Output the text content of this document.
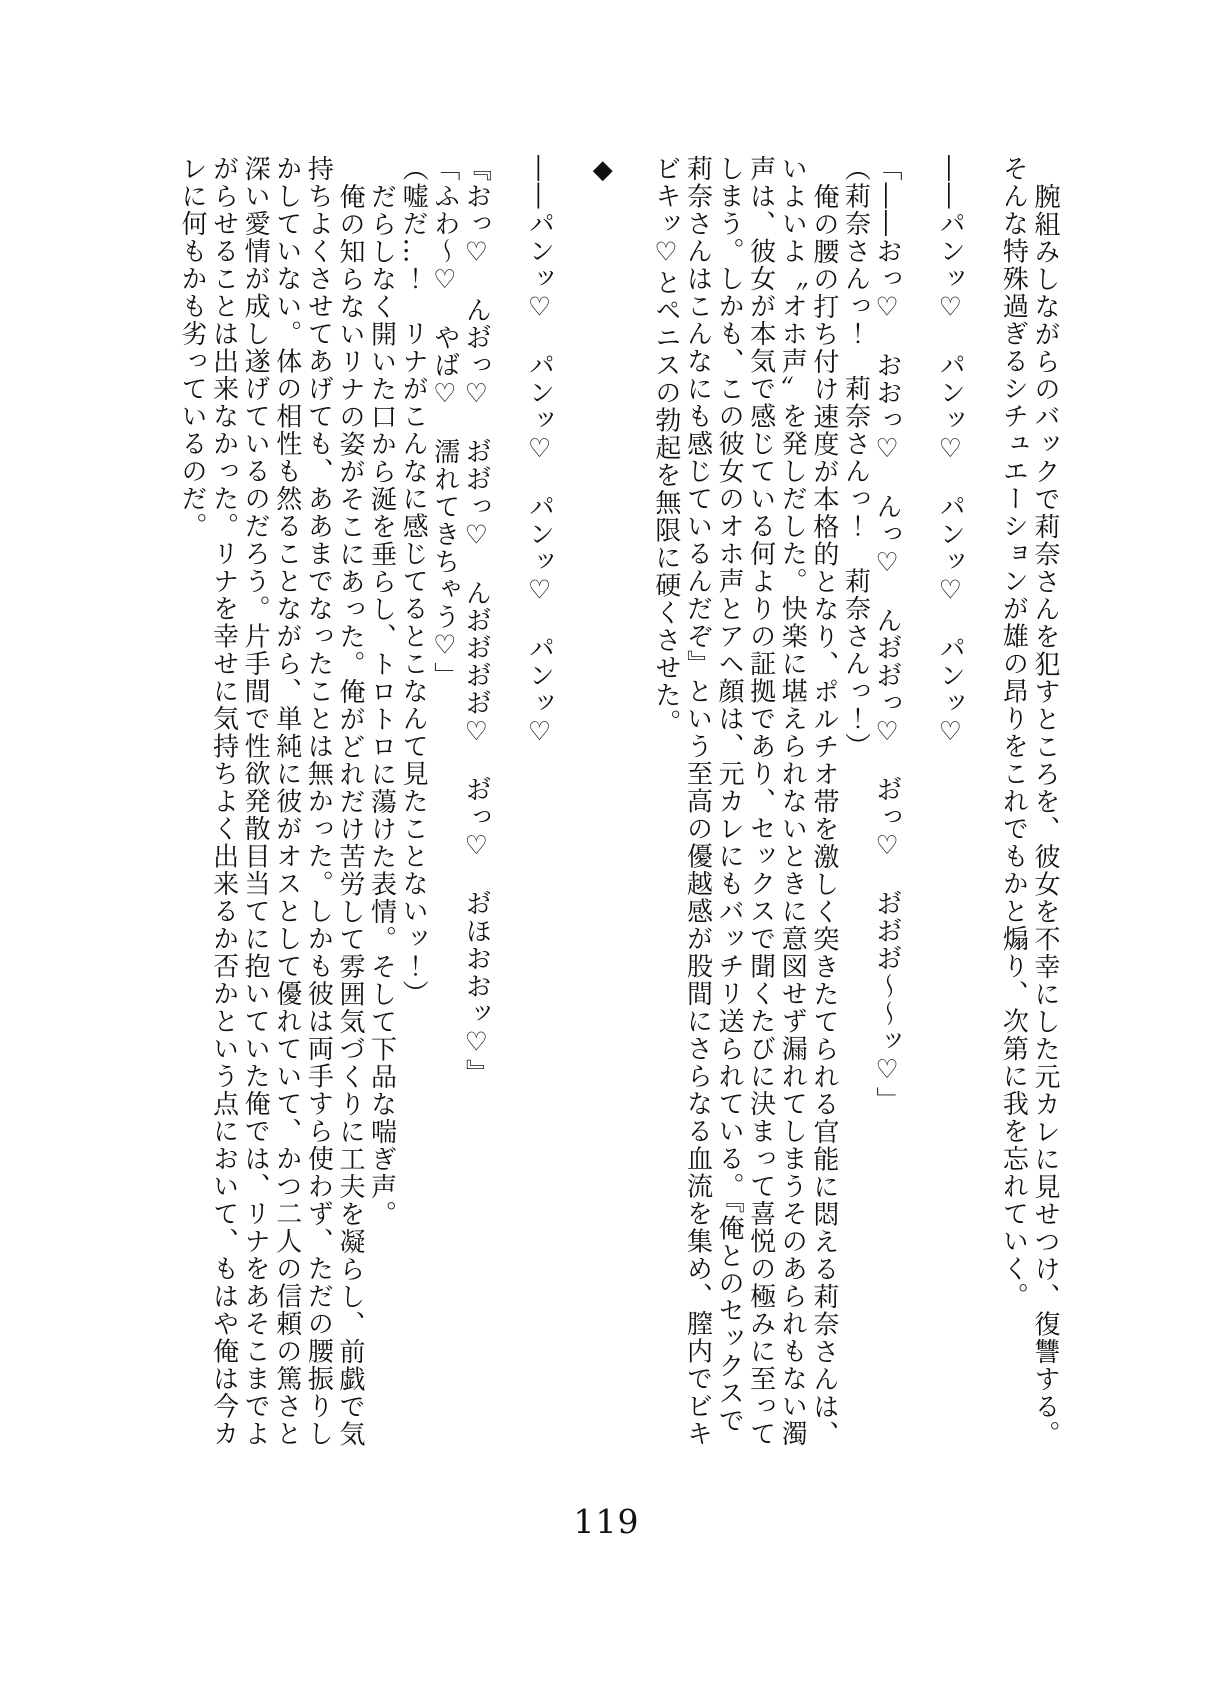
腕組みしながらのバックで莉奈さんを犯すところを、彼女を不幸にした元カレに見せつけ、復讐する。そんな特殊過ぎるシチュエーションが雄の昂りをこれでもかと煽り、次第に我を忘れていく。

――パンッ♡　パンッ♡　パンッ♡　パンッ♡

「――おっ♡　おおっ♡　んっ♡　んお゙お゙っ♡　お゙っ♡　お゙お゙お゙〜〜ッ♡」

（莉奈さんっ！　莉奈さんっ！　莉奈さんっ！）

俺の腰の打ち付け速度が本格的となり、ポルチオ帯を激しく突きたてられる官能に悶える莉奈さんは、いよいよ〝オホ声〟を発しだした。快楽に堪えられないときに意図せず漏れてしまうそのあられもない濁声は、彼女が本気で感じている何よりの証拠であり、セックスで聞くたびに決まって喜悦の極みに至ってしまう。しかも、この彼女のオホ声とアヘ顔は、元カレにもバッチリ送られている。『俺とのセックスで莉奈さんはこんなにも感じているんだぞ』という至高の優越感が股間にさらなる血流を集め、膣内でビキビキッ♡とペニスの勃起を無限に硬くさせた。

◆

――パンッ♡　パンッ♡　パンッ♡　パンッ♡

『おっ♡　んお゙っ♡　お゙お゙っ♡　んお゙お゙お゙お゙♡　お゙っ♡　お゙ほおおッ♡』

「ふわ〜♡　やば♡　濡れてきちゃう♡」

（嘘だ…！　リナがこんなに感じてるとこなんて見たことないッ！）

だらしなく開いた口から涎を垂らし、トロトロに蕩けた表情。そして下品な喘ぎ声。

俺の知らないリナの姿がそこにあった。俺がどれだけ苦労して雰囲気づくりに工夫を凝らし、前戯で気持ちよくさせてあげても、ああまでなったことは無かった。しかも彼は両手すら使わず、ただの腰振りしかしていない。体の相性も然ることながら、単純に彼がオスとして優れていて、かつ二人の信頼の篤さと深い愛情が成し遂げているのだろう。片手間で性欲発散目当てに抱いていた俺では、リナをあそこまでよがらせることは出来なかった。リナを幸せに気持ちよく出来るか否かという点において、もはや俺は今カレに何もかも劣っているのだ。

119
